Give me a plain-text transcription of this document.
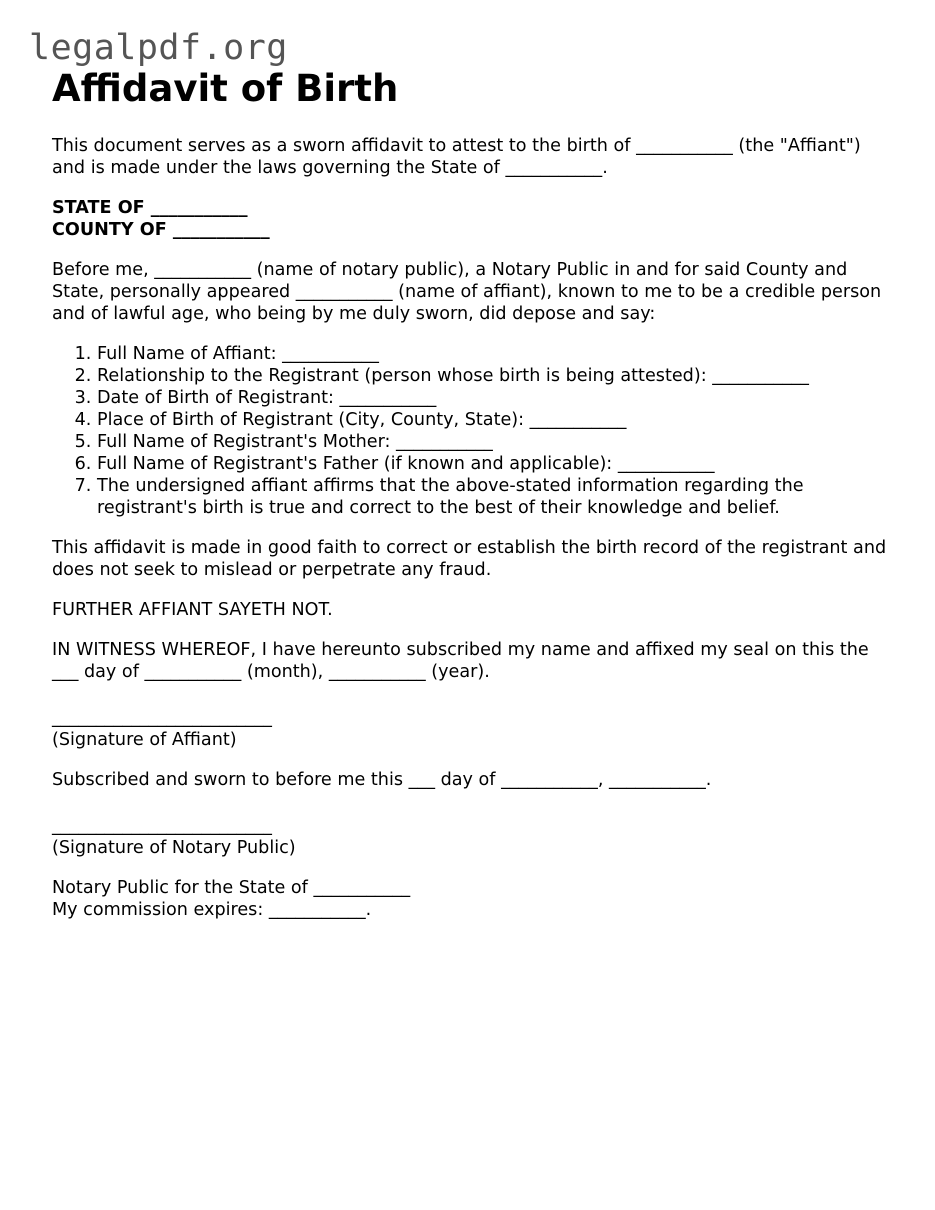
legalpdf.org
Affidavit of Birth

This document serves as a sworn affidavit to attest to the birth of ___________ (the "Affiant") and is made under the laws governing the State of ___________.

STATE OF ___________

COUNTY OF ___________

Before me, ___________ (name of notary public), a Notary Public in and for said County and State, personally appeared ___________ (name of affiant), known to me to be a credible person and of lawful age, who being by me duly sworn, did depose and say:

1. Full Name of Affiant: ___________
2. Relationship to the Registrant (person whose birth is being attested): ___________
3. Date of Birth of Registrant: ___________
4. Place of Birth of Registrant (City, County, State): ___________
5. Full Name of Registrant's Mother: ___________
6. Full Name of Registrant's Father (if known and applicable): ___________
7. The undersigned affiant affirms that the above-stated information regarding the registrant's birth is true and correct to the best of their knowledge and belief.

This affidavit is made in good faith to correct or establish the birth record of the registrant and does not seek to mislead or perpetrate any fraud.

FURTHER AFFIANT SAYETH NOT.

IN WITNESS WHEREOF, I have hereunto subscribed my name and affixed my seal on this the ___ day of ___________ (month), ___________ (year).

_________________________

(Signature of Affiant)

Subscribed and sworn to before me this ___ day of ___________, ___________.

_________________________

(Signature of Notary Public)

Notary Public for the State of ___________

My commission expires: ___________.
